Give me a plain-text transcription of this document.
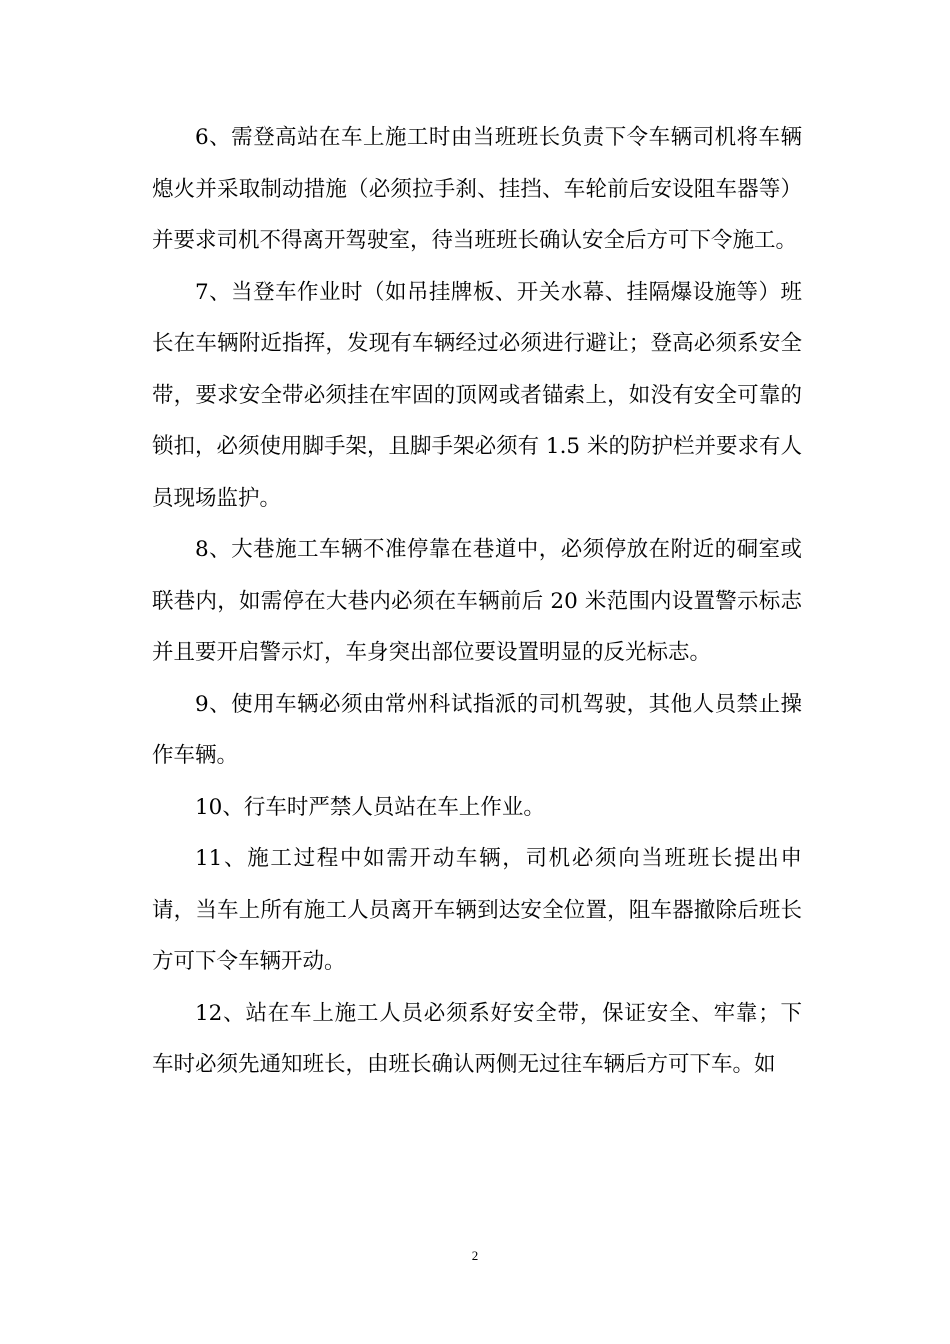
6、需登高站在车上施工时由当班班长负责下令车辆司机将车辆熄火并采取制动措施（必须拉手刹、挂挡、车轮前后安设阻车器等）并要求司机不得离开驾驶室，待当班班长确认安全后方可下令施工。

7、当登车作业时（如吊挂牌板、开关水幕、挂隔爆设施等）班长在车辆附近指挥，发现有车辆经过必须进行避让；登高必须系安全带，要求安全带必须挂在牢固的顶网或者锚索上，如没有安全可靠的锁扣，必须使用脚手架，且脚手架必须有 1.5 米的防护栏并要求有人员现场监护。

8、大巷施工车辆不准停靠在巷道中，必须停放在附近的硐室或联巷内，如需停在大巷内必须在车辆前后 20 米范围内设置警示标志并且要开启警示灯，车身突出部位要设置明显的反光标志。

9、使用车辆必须由常州科试指派的司机驾驶，其他人员禁止操作车辆。

10、行车时严禁人员站在车上作业。

11、施工过程中如需开动车辆，司机必须向当班班长提出申请，当车上所有施工人员离开车辆到达安全位置，阻车器撤除后班长方可下令车辆开动。

12、站在车上施工人员必须系好安全带，保证安全、牢靠；下车时必须先通知班长，由班长确认两侧无过往车辆后方可下车。如

2
